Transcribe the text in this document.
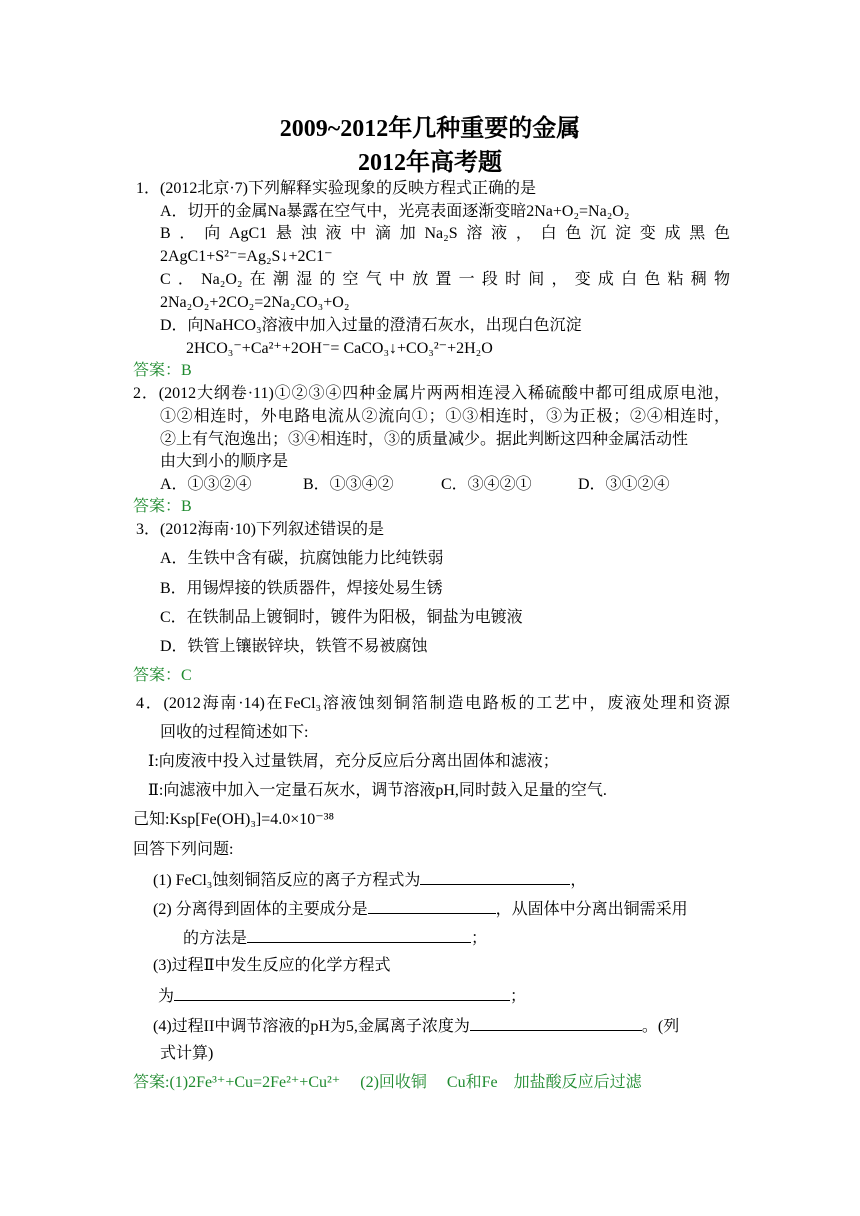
2009~2012年几种重要的金属
2012年高考题
1．(2012北京·7)下列解释实验现象的反映方程式正确的是
A．切开的金属Na暴露在空气中，光亮表面逐渐变暗2Na+O₂=Na₂O₂
B．向AgC1悬浊液中滴加Na₂S溶液，白色沉淀变成黑色
2AgC1+S²⁻=Ag₂S↓+2C1⁻
C．Na₂O₂在潮湿的空气中放置一段时间，变成白色粘稠物
2Na₂O₂+2CO₂=2Na₂CO₃+O₂
D．向NaHCO₃溶液中加入过量的澄清石灰水，出现白色沉淀
2HCO₃⁻+Ca²⁺+2OH⁻= CaCO₃↓+CO₃²⁻+2H₂O
答案：B
2．(2012大纲卷·11)①②③④四种金属片两两相连浸入稀硫酸中都可组成原电池，
①②相连时，外电路电流从②流向①；①③相连时，③为正极；②④相连时，
②上有气泡逸出；③④相连时，③的质量减少。据此判断这四种金属活动性
由大到小的顺序是
A．①③②④	B．①③④②	C．③④②①	D．③①②④
答案：B
3．(2012海南·10)下列叙述错误的是
A．生铁中含有碳，抗腐蚀能力比纯铁弱
B．用锡焊接的铁质器件，焊接处易生锈
C．在铁制品上镀铜时，镀件为阳极，铜盐为电镀液
D．铁管上镶嵌锌块，铁管不易被腐蚀
答案：C
4．(2012海南·14)在FeCl₃溶液蚀刻铜箔制造电路板的工艺中，废液处理和资源
回收的过程简述如下:
Ⅰ:向废液中投入过量铁屑，充分反应后分离出固体和滤液；
Ⅱ:向滤液中加入一定量石灰水，调节溶液pH,同时鼓入足量的空气.
己知:Ksp[Fe(OH)₃]=4.0×10⁻³⁸
回答下列问题:
(1) FeCl₃蚀刻铜箔反应的离子方程式为	，
(2) 分离得到固体的主要成分是	，从固体中分离出铜需采用
的方法是	；
(3)过程Ⅱ中发生反应的化学方程式
为	；
(4)过程II中调节溶液的pH为5,金属离子浓度为	。(列
式计算)
答案:(1)2Fe³⁺+Cu=2Fe²⁺+Cu²⁺　 (2)回收铜　 Cu和Fe　加盐酸反应后过滤
